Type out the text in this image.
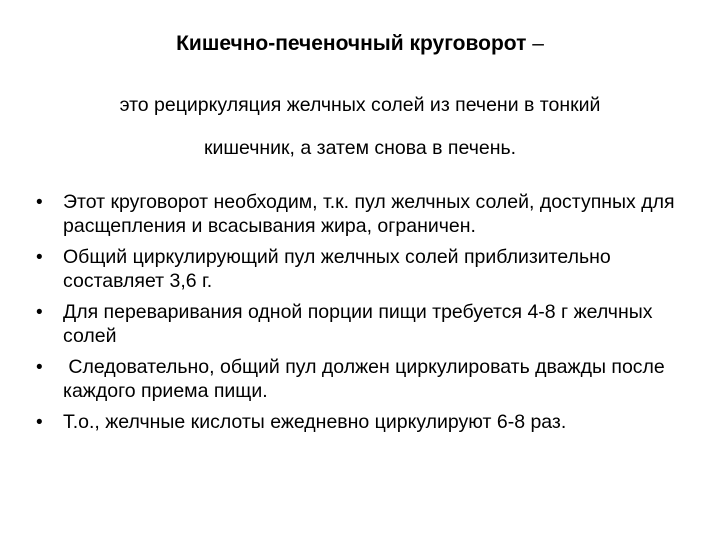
Кишечно-печеночный круговорот –
это рециркуляция желчных солей из печени в тонкий
кишечник, а затем снова в печень.
• Этот круговорот необходим, т.к. пул желчных солей, доступных для расщепления и всасывания жира, ограничен.
• Общий циркулирующий пул желчных солей приблизительно составляет 3,6 г.
• Для переваривания одной порции пищи требуется 4-8 г желчных солей
• Следовательно, общий пул должен циркулировать дважды после каждого приема пищи.
• Т.о., желчные кислоты ежедневно циркулируют 6-8 раз.
